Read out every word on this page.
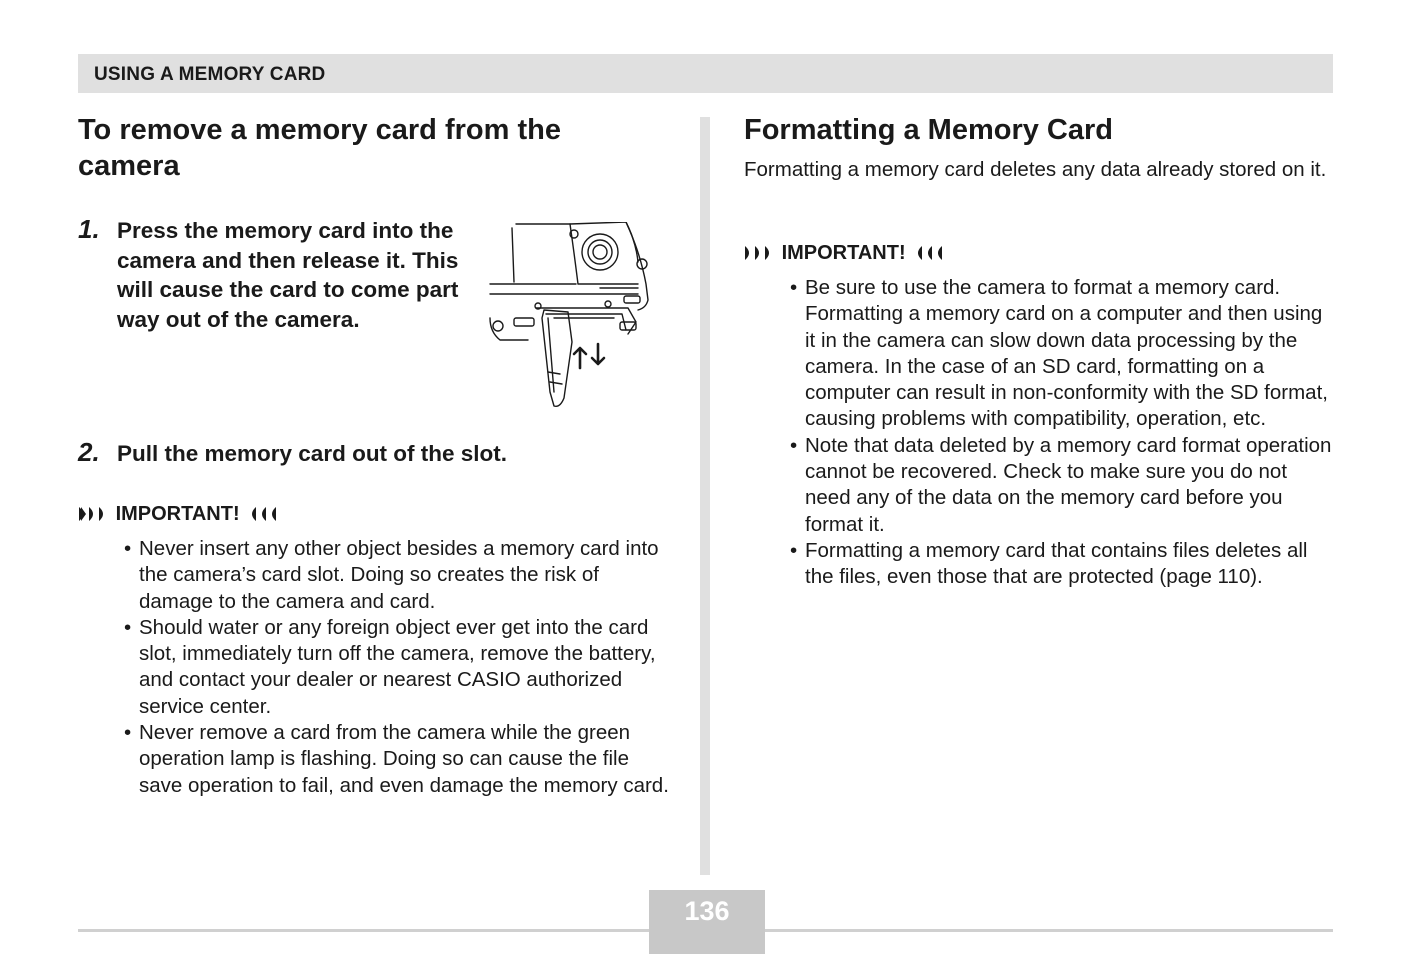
USING A MEMORY CARD
To remove a memory card from the camera
1. Press the memory card into the camera and then release it. This will cause the card to come part way out of the camera.
2. Pull the memory card out of the slot.
IMPORTANT!
• Never insert any other object besides a memory card into the camera’s card slot. Doing so creates the risk of damage to the camera and card.
• Should water or any foreign object ever get into the card slot, immediately turn off the camera, remove the battery, and contact your dealer or nearest CASIO authorized service center.
• Never remove a card from the camera while the green operation lamp is flashing. Doing so can cause the file save operation to fail, and even damage the memory card.
Formatting a Memory Card

Formatting a memory card deletes any data already stored on it.

IMPORTANT!
• Be sure to use the camera to format a memory card. Formatting a memory card on a computer and then using it in the camera can slow down data processing by the camera. In the case of an SD card, formatting on a computer can result in non-conformity with the SD format, causing problems with compatibility, operation, etc.
• Note that data deleted by a memory card format operation cannot be recovered. Check to make sure you do not need any of the data on the memory card before you format it.
• Formatting a memory card that contains files deletes all the files, even those that are protected (page 110).
136
